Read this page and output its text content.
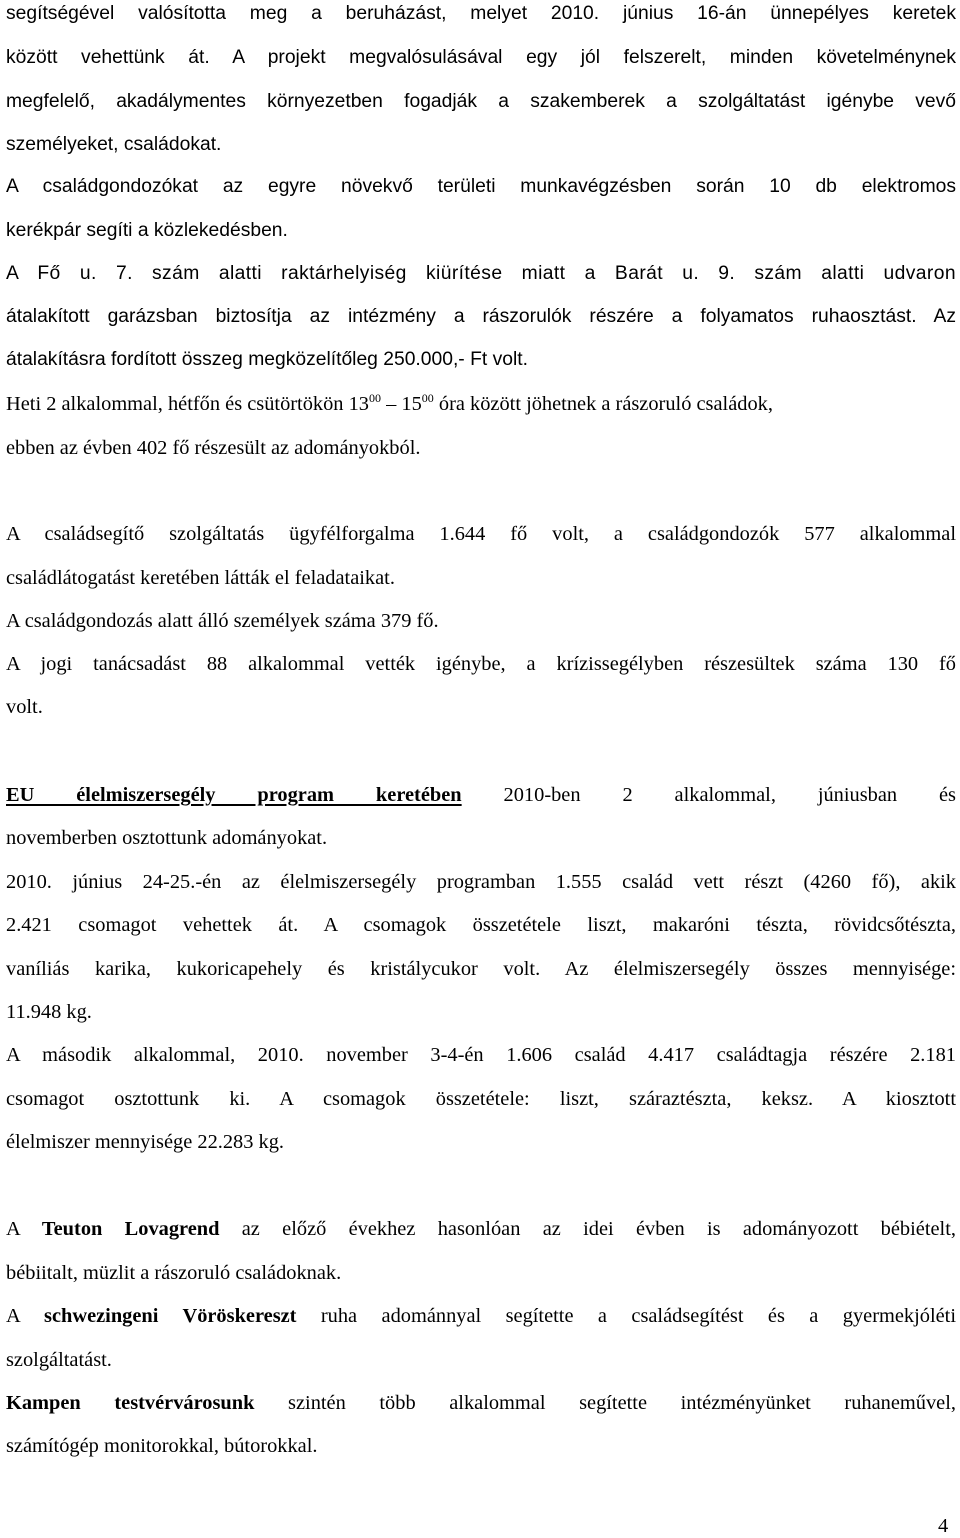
segítségével valósította meg a beruházást, melyet 2010. június 16-án ünnepélyes keretek

között vehettünk át. A projekt megvalósulásával egy jól felszerelt, minden követelménynek

megfelelő, akadálymentes környezetben fogadják a szakemberek a szolgáltatást igénybe vevő

személyeket, családokat.

A családgondozókat az egyre növekvő területi munkavégzésben során 10 db elektromos

kerékpár segíti a közlekedésben.

A Fő u. 7. szám alatti raktárhelyiség kiürítése miatt a Barát u. 9. szám alatti udvaron

átalakított garázsban biztosítja az intézmény a rászorulók részére a folyamatos ruhaosztást. Az

átalakításra fordított összeg megközelítőleg 250.000,- Ft volt.

Heti 2 alkalommal, hétfőn és csütörtökön $13^{00} - 15^{00}$ óra között jöhetnek a rászoruló családok,

ebben az évben 402 fő részesült az adományokból.

A családsegítő szolgáltatás ügyfélforgalma 1.644 fő volt, a családgondozók 577 alkalommal

családlátogatást keretében látták el feladataikat.

A családgondozás alatt álló személyek száma 379 fő.

A jogi tanácsadást 88 alkalommal vették igénybe, a krízissegélyben részesültek száma 130 fő

volt.

EU élelmiszersegély program keretében 2010-ben 2 alkalommal, júniusban és

novemberben osztottunk adományokat.

2010. június 24-25.-én az élelmiszersegély programban 1.555 család vett részt (4260 fő), akik

2.421 csomagot vehettek át. A csomagok összetétele liszt, makaróni tészta, rövidcsőtészta,

vaníliás karika, kukoricapehely és kristálycukor volt. Az élelmiszersegély összes mennyisége:

11.948 kg.

A második alkalommal, 2010. november 3-4-én 1.606 család 4.417 családtagja részére 2.181

csomagot osztottunk ki. A csomagok összetétele: liszt, száraztészta, keksz. A kiosztott

élelmiszer mennyisége 22.283 kg.

A Teuton Lovagrend az előző évekhez hasonlóan az idei évben is adományozott bébiételt,

bébiitalt, müzlit a rászoruló családoknak.

A schwezingeni Vöröskereszt ruha adománnyal segítette a családsegítést és a gyermekjóléti

szolgáltatást.

Kampen testvérvárosunk szintén több alkalommal segítette intézményünket ruhaneművel,

számítógép monitorokkal, bútorokkal.

4
